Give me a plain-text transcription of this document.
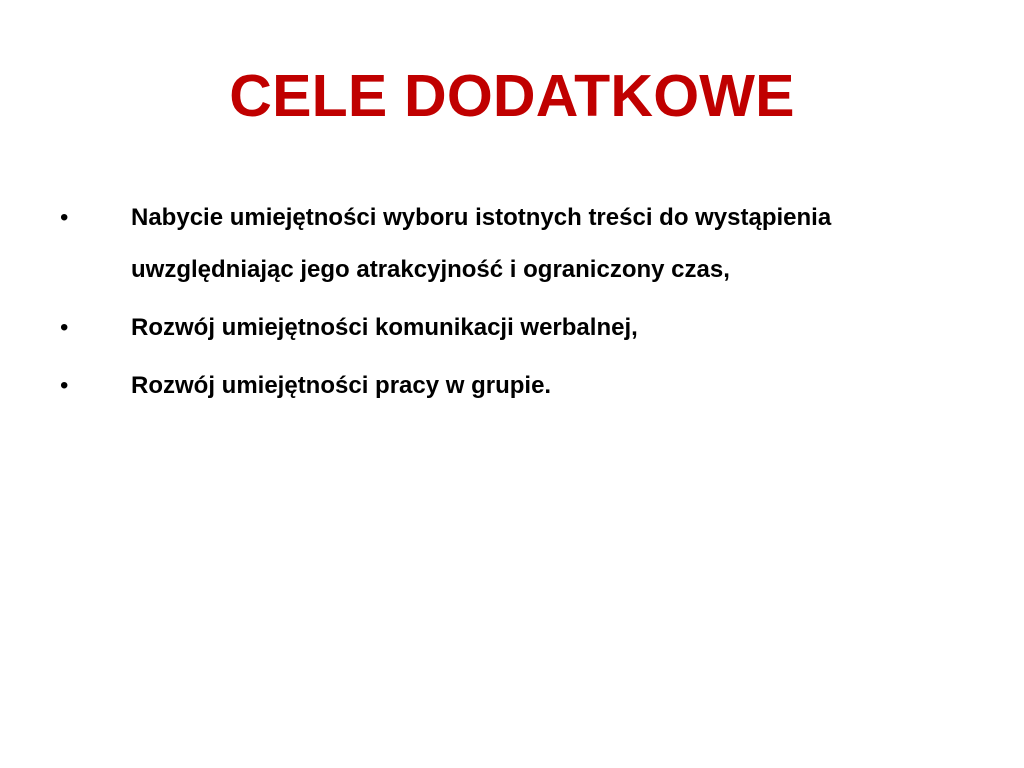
CELE DODATKOWE
•	Nabycie umiejętności wyboru istotnych treści do wystąpienia
uwzględniając jego atrakcyjność i ograniczony czas,
•	Rozwój umiejętności komunikacji werbalnej,
•	Rozwój umiejętności pracy w grupie.
